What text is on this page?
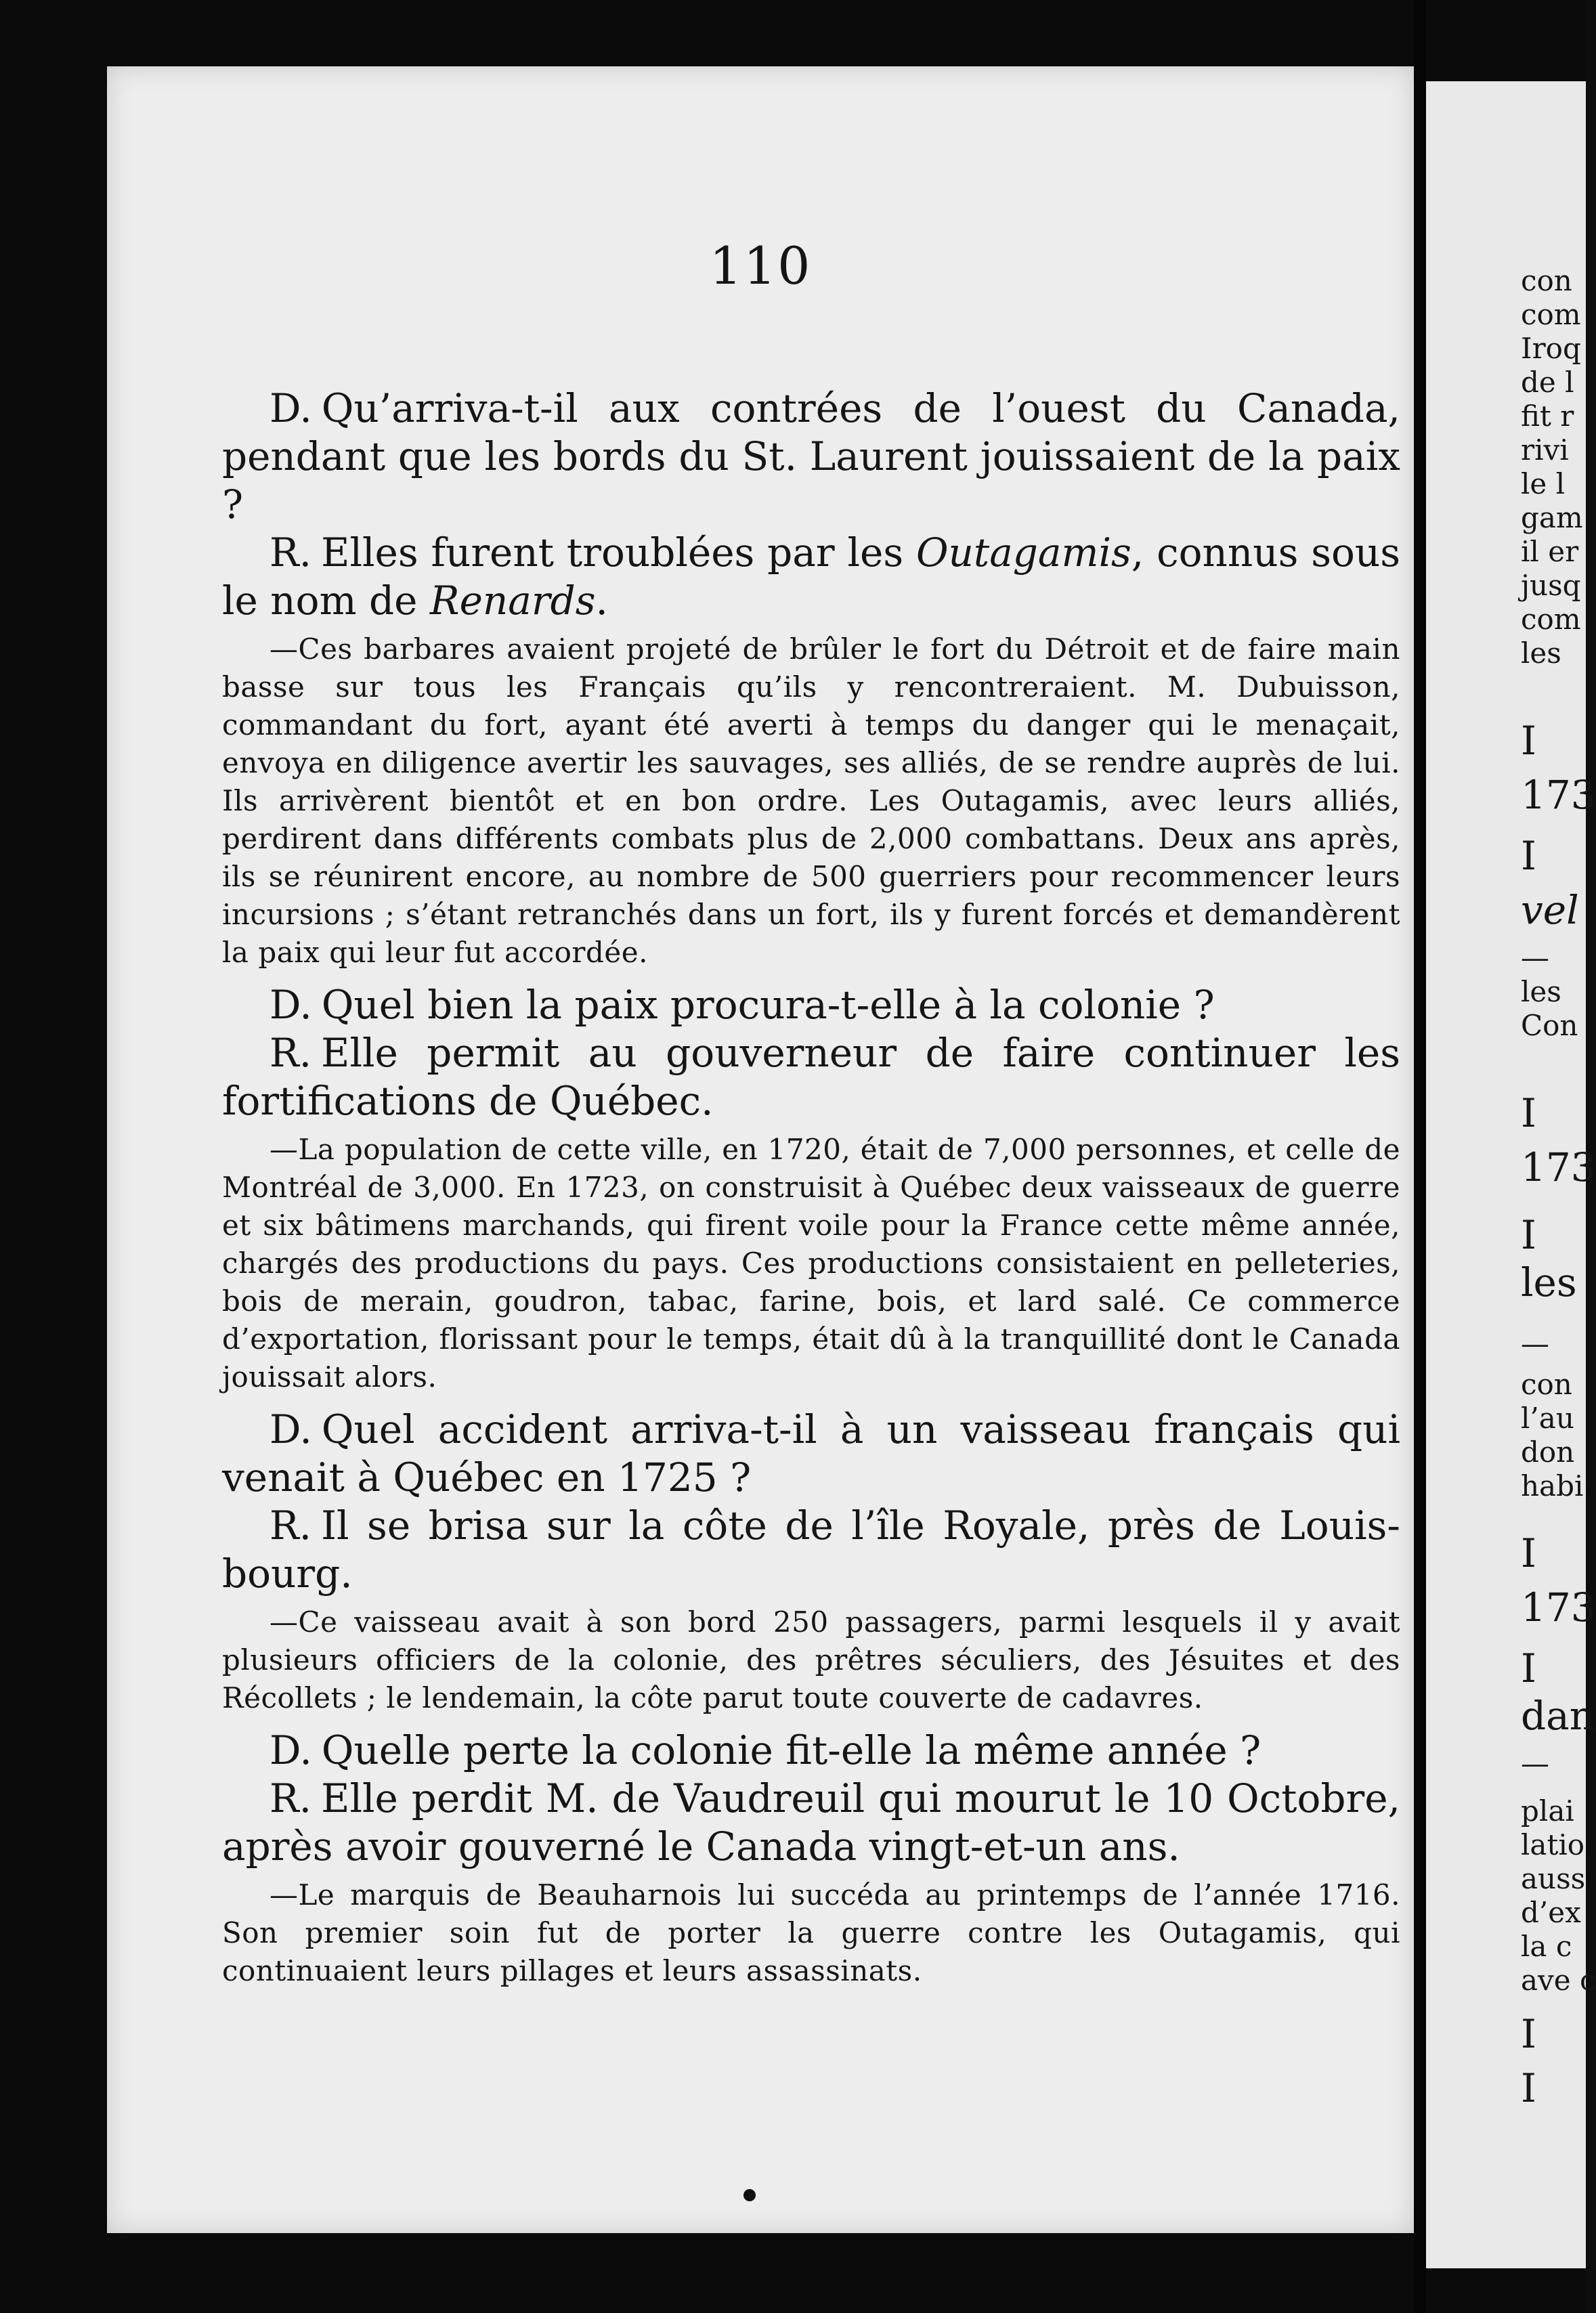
110

D. Qu’arriva-t-il aux contrées de l’ouest du Canada, pendant que les bords du St. Laurent jouissaient de la paix ?

R. Elles furent troublées par les Outagamis, connus sous le nom de Renards.

—Ces barbares avaient projeté de brûler le fort du Détroit et de faire main basse sur tous les Français qu’ils y rencontreraient. M. Dubuisson, commandant du fort, ayant été averti à temps du danger qui le menaçait, envoya en diligence avertir les sauvages, ses alliés, de se rendre auprès de lui. Ils arrivèrent bientôt et en bon ordre. Les Outagamis, avec leurs alliés, perdirent dans différents combats plus de 2,000 combattans. Deux ans après, ils se réunirent encore, au nombre de 500 guerriers pour recommencer leurs incursions ; s’étant retranchés dans un fort, ils y furent forcés et demandèrent la paix qui leur fut accordée.

D. Quel bien la paix procura-t-elle à la colonie ?

R. Elle permit au gouverneur de faire continuer les fortifications de Québec.

—La population de cette ville, en 1720, était de 7,000 personnes, et celle de Montréal de 3,000. En 1723, on construisit à Québec deux vaisseaux de guerre et six bâtimens marchands, qui firent voile pour la France cette même année, chargés des productions du pays. Ces productions consistaient en pelleteries, bois de merain, goudron, tabac, farine, bois, et lard salé. Ce commerce d’exportation, florissant pour le temps, était dû à la tranquillité dont le Canada jouissait alors.

D. Quel accident arriva-t-il à un vaisseau français qui venait à Québec en 1725 ?

R. Il se brisa sur la côte de l’île Royale, près de Louis-bourg.

—Ce vaisseau avait à son bord 250 passagers, parmi lesquels il y avait plusieurs officiers de la colonie, des prêtres séculiers, des Jésuites et des Récollets ; le lendemain, la côte parut toute couverte de cadavres.

D. Quelle perte la colonie fit-elle la même année ?

R. Elle perdit M. de Vaudreuil qui mourut le 10 Octobre, après avoir gouverné le Canada vingt-et-un ans.

—Le marquis de Beauharnois lui succéda au printemps de l’année 1716. Son premier soin fut de porter la guerre contre les Outagamis, qui continuaient leurs pillages et leurs assassinats.

con
com
Iroq
de l
fit r
rivi
le l
gam
il er
jusq
com
les
I
173
I
vel
—
les
Con
I
173
I
les
—
con
l’au
don
habi
I
173
I
dan
—
plai
latio
auss
d’ex
la c
ave c
I
I
